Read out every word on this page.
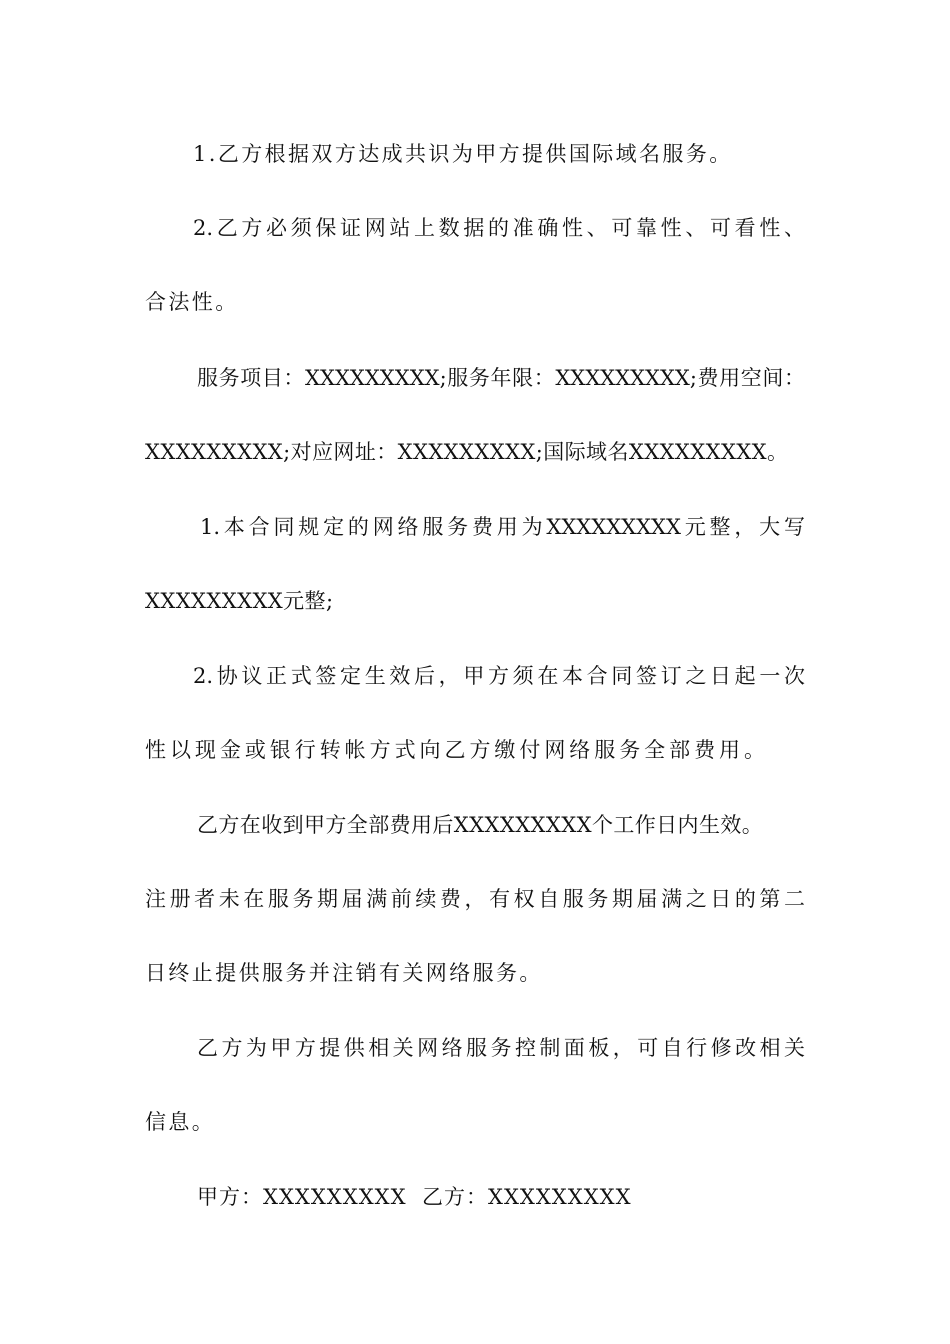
1.乙方根据双方达成共识为甲方提供国际域名服务。
2.乙方必须保证网站上数据的准确性、可靠性、可看性、
合法性。
服务项目：XXXXXXXXX;服务年限：XXXXXXXXX;费用空间：
XXXXXXXXX;对应网址：XXXXXXXXX;国际域名XXXXXXXXX。
1.本合同规定的网络服务费用为XXXXXXXXX元整，大写
XXXXXXXXX元整;
2.协议正式签定生效后，甲方须在本合同签订之日起一次
性以现金或银行转帐方式向乙方缴付网络服务全部费用。
乙方在收到甲方全部费用后XXXXXXXXX个工作日内生效。
注册者未在服务期届满前续费，有权自服务期届满之日的第二
日终止提供服务并注销有关网络服务。
乙方为甲方提供相关网络服务控制面板，可自行修改相关
信息。
甲方：XXXXXXXXX 乙方：XXXXXXXXX
